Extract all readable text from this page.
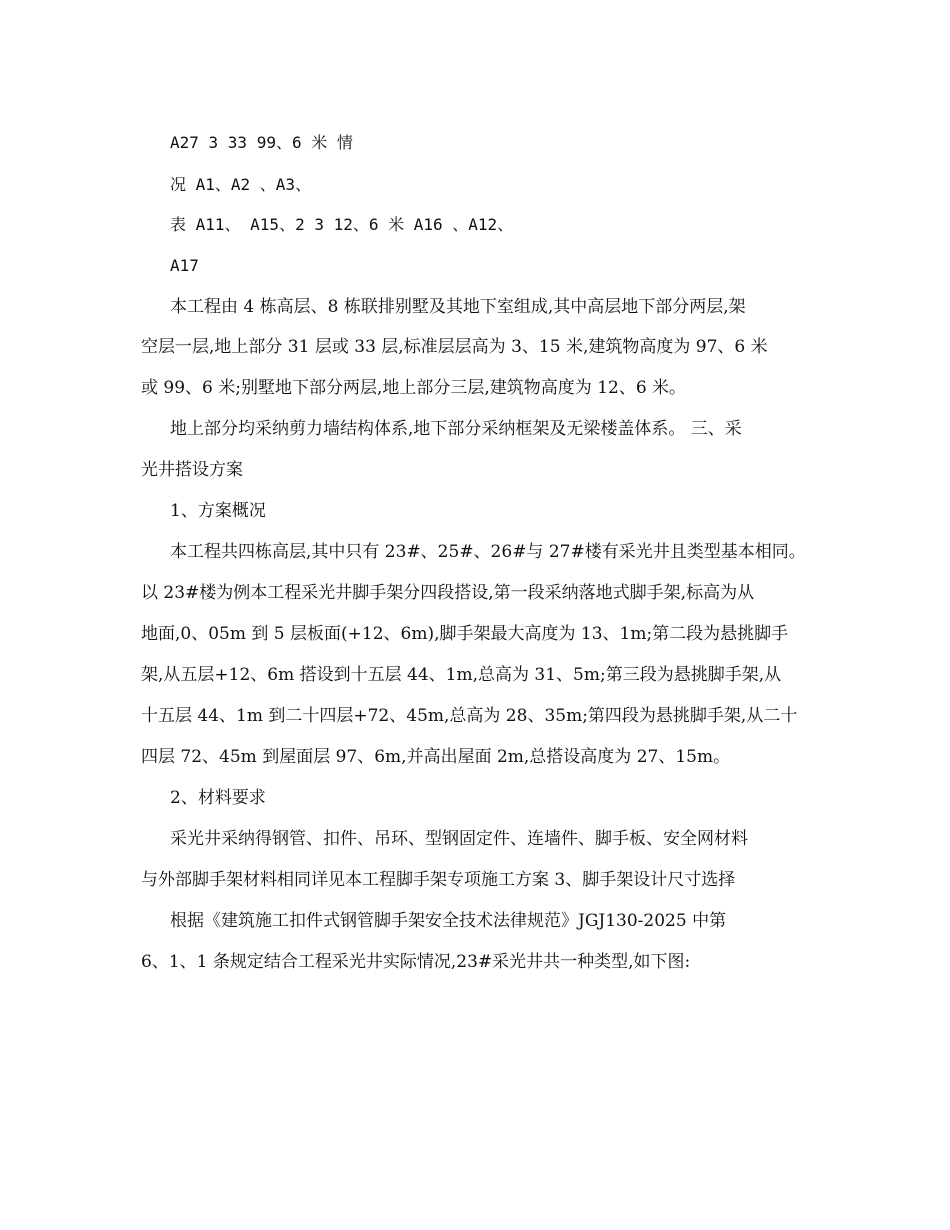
A27 3 33 99、6 米 情

况 A1、A2 、A3、

表 A11、 A15、2 3 12、6 米 A16 、A12、

A17

本工程由 4 栋高层、8 栋联排别墅及其地下室组成,其中高层地下部分两层,架

空层一层,地上部分 31 层或 33 层,标准层层高为 3、15 米,建筑物高度为 97、6 米

或 99、6 米;别墅地下部分两层,地上部分三层,建筑物高度为 12、6 米。

地上部分均采纳剪力墙结构体系,地下部分采纳框架及无梁楼盖体系。 三、采

光井搭设方案

1、方案概况

本工程共四栋高层,其中只有 23#、25#、26#与 27#楼有采光井且类型基本相同。

以 23#楼为例本工程采光井脚手架分四段搭设,第一段采纳落地式脚手架,标高为从

地面,0、05m 到 5 层板面(+12、6m),脚手架最大高度为 13、1m;第二段为悬挑脚手

架,从五层+12、6m 搭设到十五层 44、1m,总高为 31、5m;第三段为悬挑脚手架,从

十五层 44、1m 到二十四层+72、45m,总高为 28、35m;第四段为悬挑脚手架,从二十

四层 72、45m 到屋面层 97、6m,并高出屋面 2m,总搭设高度为 27、15m。

2、材料要求

采光井采纳得钢管、扣件、吊环、型钢固定件、连墙件、脚手板、安全网材料

与外部脚手架材料相同详见本工程脚手架专项施工方案 3、脚手架设计尺寸选择

根据《建筑施工扣件式钢管脚手架安全技术法律规范》JGJ130-2025 中第

6、1、1 条规定结合工程采光井实际情况,23#采光井共一种类型,如下图:
